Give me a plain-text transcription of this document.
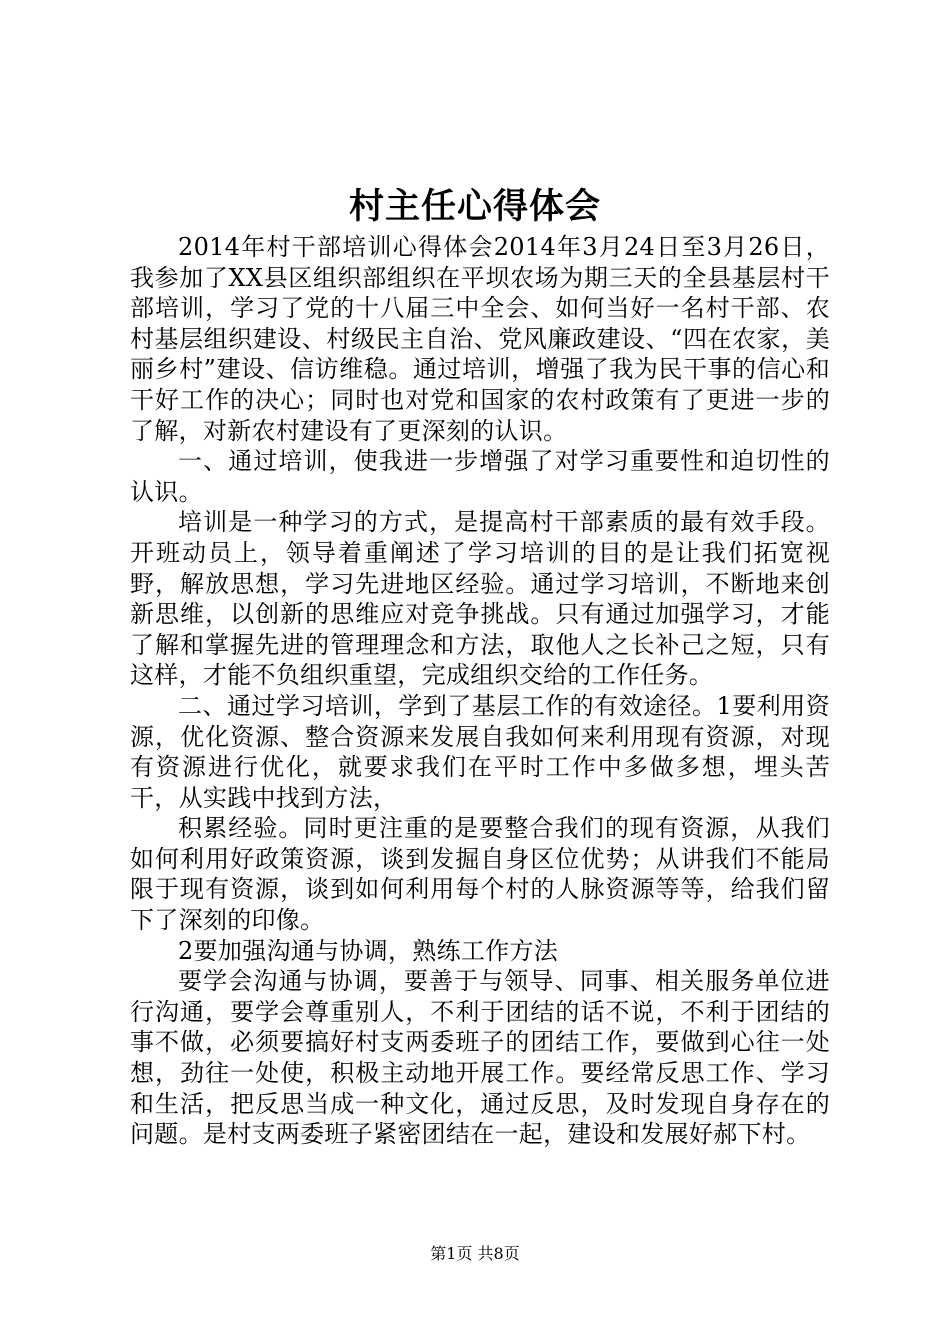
村主任心得体会

2014年村干部培训心得体会2014年3月24日至3月26日，我参加了XX县区组织部组织在平坝农场为期三天的全县基层村干部培训，学习了党的十八届三中全会、如何当好一名村干部、农村基层组织建设、村级民主自治、党风廉政建设、“四在农家，美丽乡村”建设、信访维稳。通过培训，增强了我为民干事的信心和干好工作的决心；同时也对党和国家的农村政策有了更进一步的了解，对新农村建设有了更深刻的认识。

一、通过培训，使我进一步增强了对学习重要性和迫切性的认识。

培训是一种学习的方式，是提高村干部素质的最有效手段。开班动员上，领导着重阐述了学习培训的目的是让我们拓宽视野，解放思想，学习先进地区经验。通过学习培训，不断地来创新思维，以创新的思维应对竞争挑战。只有通过加强学习，才能了解和掌握先进的管理理念和方法，取他人之长补己之短，只有这样，才能不负组织重望，完成组织交给的工作任务。

二、通过学习培训，学到了基层工作的有效途径。1要利用资源，优化资源、整合资源来发展自我如何来利用现有资源，对现有资源进行优化，就要求我们在平时工作中多做多想，埋头苦干，从实践中找到方法，

积累经验。同时更注重的是要整合我们的现有资源，从我们如何利用好政策资源，谈到发掘自身区位优势；从讲我们不能局限于现有资源，谈到如何利用每个村的人脉资源等等，给我们留下了深刻的印像。

2要加强沟通与协调，熟练工作方法

要学会沟通与协调，要善于与领导、同事、相关服务单位进行沟通，要学会尊重别人，不利于团结的话不说，不利于团结的事不做，必须要搞好村支两委班子的团结工作，要做到心往一处想，劲往一处使，积极主动地开展工作。要经常反思工作、学习和生活，把反思当成一种文化，通过反思，及时发现自身存在的问题。是村支两委班子紧密团结在一起，建设和发展好郝下村。

第1页 共8页
